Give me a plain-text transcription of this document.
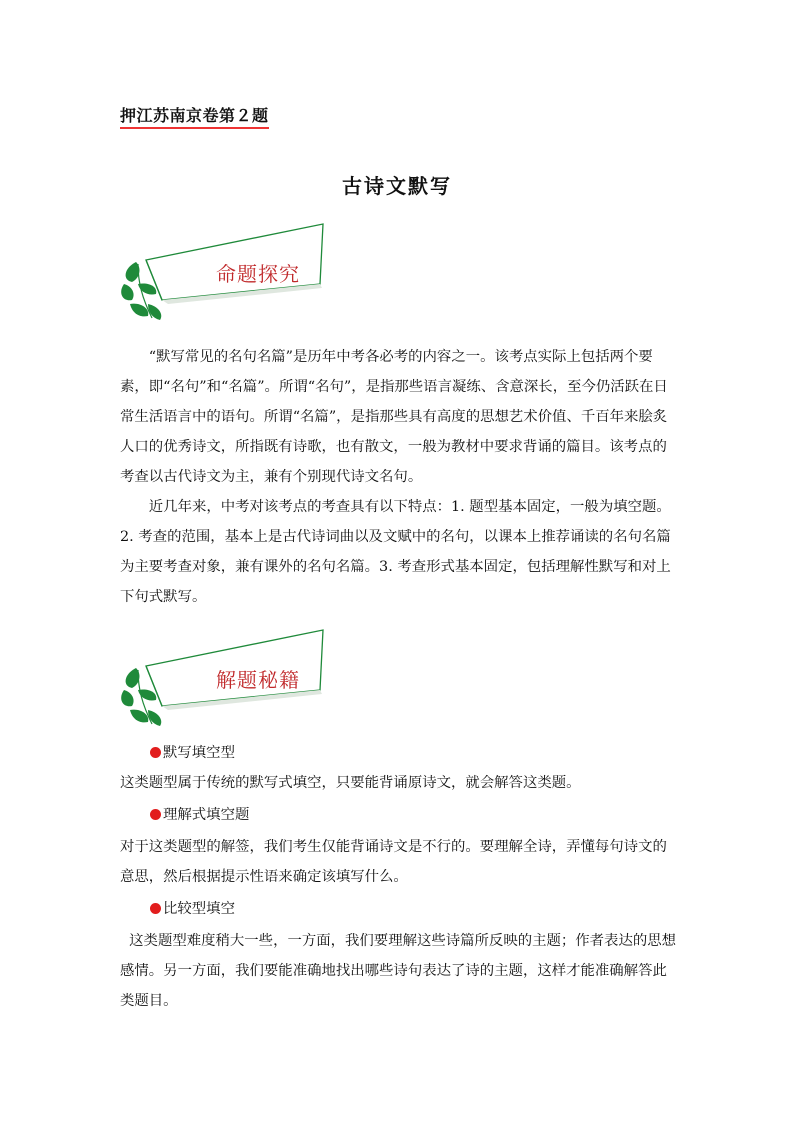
押江苏南京卷第２题
古诗文默写
命题探究

“默写常见的名句名篇”是历年中考各必考的内容之一。该考点实际上包括两个要素，即“名句”和“名篇”。所谓“名句”，是指那些语言凝练、含意深长，至今仍活跃在日常生活语言中的语句。所谓“名篇”，是指那些具有高度的思想艺术价值、千百年来脍炙人口的优秀诗文，所指既有诗歌，也有散文，一般为教材中要求背诵的篇目。该考点的考查以古代诗文为主，兼有个别现代诗文名句。

近几年来，中考对该考点的考查具有以下特点：1. 题型基本固定，一般为填空题。2. 考查的范围，基本上是古代诗词曲以及文赋中的名句，以课本上推荐诵读的名句名篇为主要考查对象，兼有课外的名句名篇。3. 考查形式基本固定，包括理解性默写和对上下句式默写。

解题秘籍
默写填空型
这类题型属于传统的默写式填空，只要能背诵原诗文，就会解答这类题。
理解式填空题
对于这类题型的解签，我们考生仅能背诵诗文是不行的。要理解全诗，弄懂每句诗文的意思，然后根据提示性语来确定该填写什么。
比较型填空
这类题型难度稍大一些，一方面，我们要理解这些诗篇所反映的主题；作者表达的思想感情。另一方面，我们要能准确地找出哪些诗句表达了诗的主题，这样才能准确解答此类题目。
